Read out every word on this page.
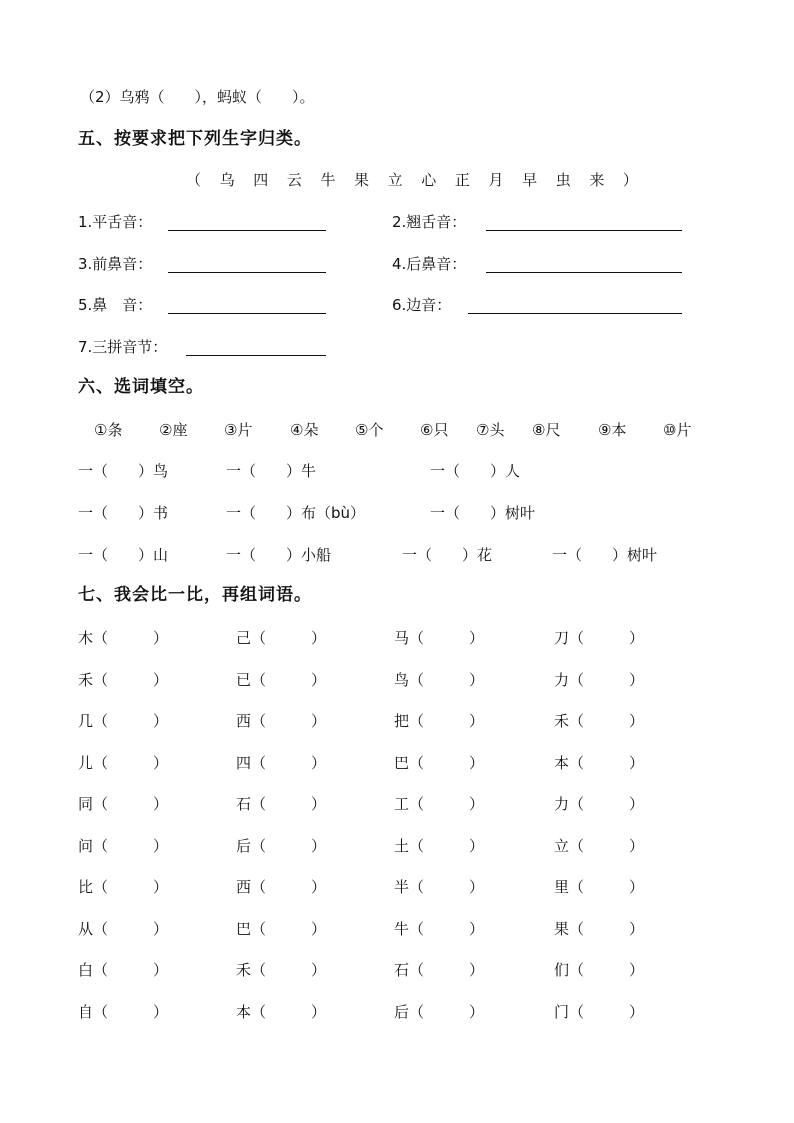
（2）乌鸦（　　），蚂蚁（　　）。
五、按要求把下列生字归类。
（ 乌 四 云 牛 果 立 心 正 月 早 虫 来 ）
1.平舌音：	2.翘舌音：
3.前鼻音：	4.后鼻音：
5.鼻　音：	6.边音：
7.三拼音节：
六、选词填空。
①条 ②座 ③片	④朵 ⑤个 ⑥只 ⑦头 ⑧尺	⑨本 ⑩片
一（　　）鸟	一（　　）牛	一（　　）人
一（　　）书	一（　　）布（bù）	一（　　）树叶
一（　　）山	一（　　）小船	一（　　）花	一（　　）树叶
七、我会比一比，再组词语。
木（　　　）	己（　　　）	马（　　　）	刀（　　　）
禾（　　　）	已（　　　）	鸟（　　　）	力（　　　）
几（　　　）	西（　　　）	把（　　　）	禾（　　　）
儿（　　　）	四（　　　）	巴（　　　）	本（　　　）
同（　　　）	石（　　　）	工（　　　）	力（　　　）
问（　　　）	后（　　　）	土（　　　）	立（　　　）
比（　　　）	西（　　　）	半（　　　）	里（　　　）
从（　　　）	巴（　　　）	牛（　　　）	果（　　　）
白（　　　）	禾（　　　）	石（　　　）	们（　　　）
自（　　　）	本（　　　）	后（　　　）	门（　　　）
